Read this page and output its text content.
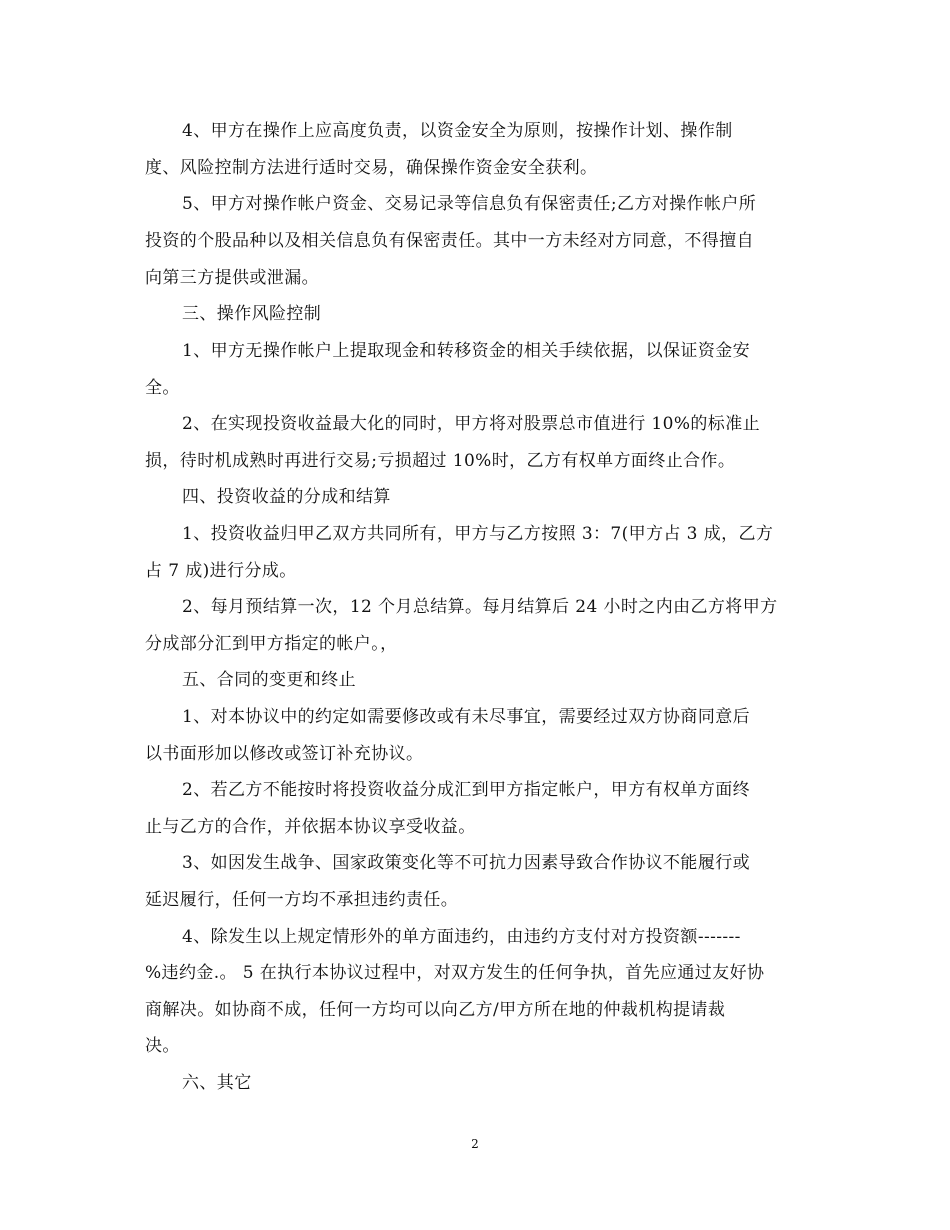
4、甲方在操作上应高度负责，以资金安全为原则，按操作计划、操作制
度、风险控制方法进行适时交易，确保操作资金安全获利。
5、甲方对操作帐户资金、交易记录等信息负有保密责任;乙方对操作帐户所
投资的个股品种以及相关信息负有保密责任。其中一方未经对方同意，不得擅自
向第三方提供或泄漏。
三、操作风险控制
1、甲方无操作帐户上提取现金和转移资金的相关手续依据，以保证资金安
全。
2、在实现投资收益最大化的同时，甲方将对股票总市值进行 10%的标准止
损，待时机成熟时再进行交易;亏损超过 10%时，乙方有权单方面终止合作。
四、投资收益的分成和结算
1、投资收益归甲乙双方共同所有，甲方与乙方按照 3：7(甲方占 3 成，乙方
占 7 成)进行分成。
2、每月预结算一次，12 个月总结算。每月结算后 24 小时之内由乙方将甲方
分成部分汇到甲方指定的帐户。，
五、合同的变更和终止
1、对本协议中的约定如需要修改或有未尽事宜，需要经过双方协商同意后
以书面形加以修改或签订补充协议。
2、若乙方不能按时将投资收益分成汇到甲方指定帐户，甲方有权单方面终
止与乙方的合作，并依据本协议享受收益。
3、如因发生战争、国家政策变化等不可抗力因素导致合作协议不能履行或
延迟履行，任何一方均不承担违约责任。
4、除发生以上规定情形外的单方面违约，由违约方支付对方投资额-------
%违约金.。 5 在执行本协议过程中，对双方发生的任何争执，首先应通过友好协
商解决。如协商不成，任何一方均可以向乙方/甲方所在地的仲裁机构提请裁
决。
六、其它
2
